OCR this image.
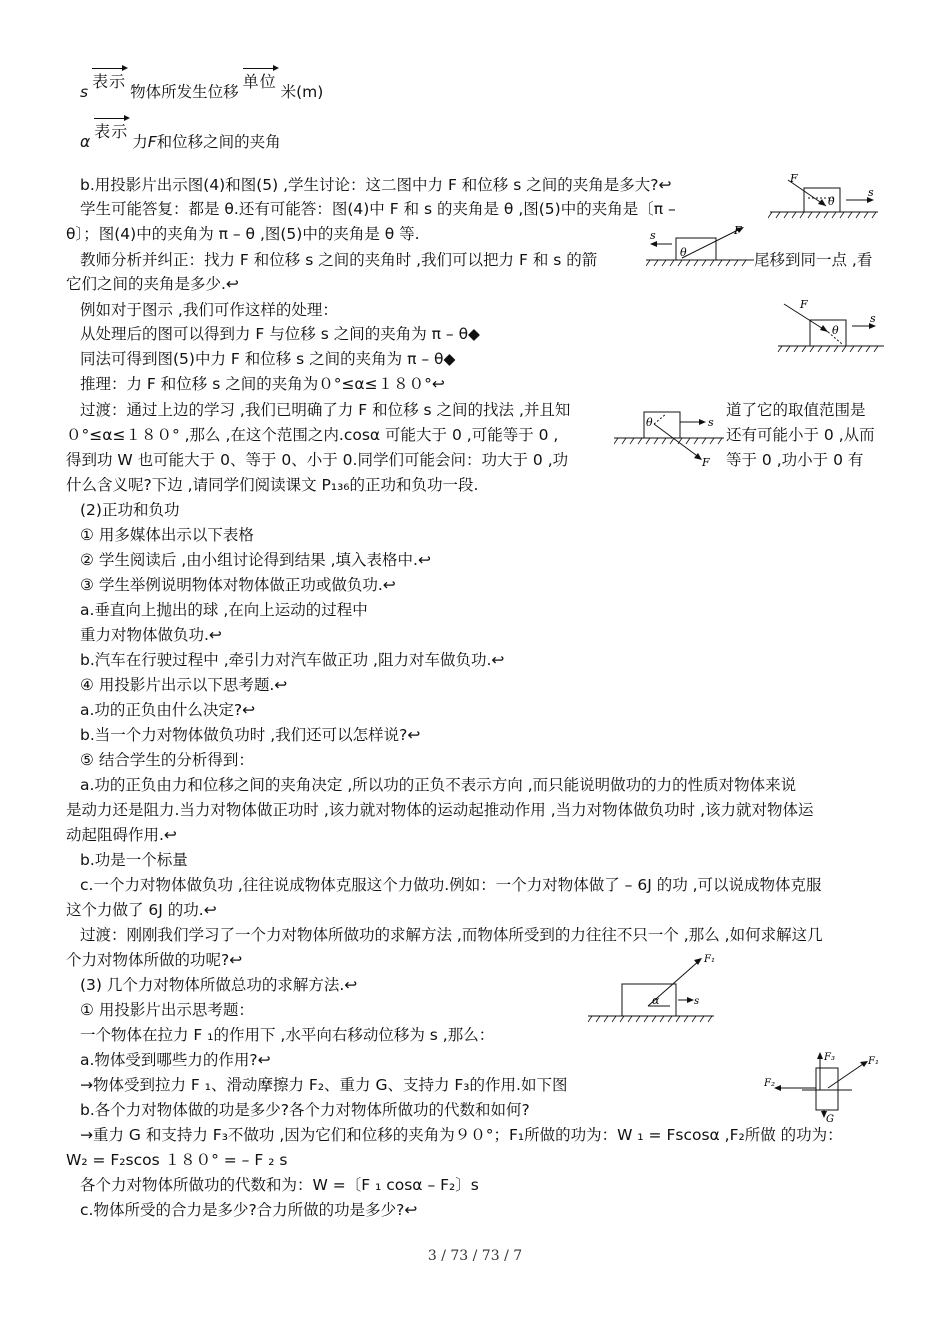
s表示物体所发生位移单位米(m)
α表示力F和位移之间的夹角
b.用投影片出示图(4)和图(5) ,学生讨论：这二图中力 F 和位移 s 之间的夹角是多大?↩
学生可能答复：都是 θ.还有可能答：图(4)中 F 和 s 的夹角是 θ ,图(5)中的夹角是〔π –
θ〕；图(4)中的夹角为 π – θ ,图(5)中的夹角是 θ 等.
教师分析并纠正：找力 F 和位移 s 之间的夹角时 ,我们可以把力 F 和 s 的箭	尾移到同一点 ,看
它们之间的夹角是多少.↩
例如对于图示 ,我们可作这样的处理：
从处理后的图可以得到力 F 与位移 s 之间的夹角为 π – θ◆
同法可得到图(5)中力 F 和位移 s 之间的夹角为 π – θ◆
推理：力 F 和位移 s 之间的夹角为０°≤α≤１８０°↩
过渡：通过上边的学习 ,我们已明确了力 F 和位移 s 之间的找法 ,并且知	道了它的取值范围是
０°≤α≤１８０° ,那么 ,在这个范围之内.cosα 可能大于 0 ,可能等于 0 ,	还有可能小于 0 ,从而
得到功 W 也可能大于 0、等于 0、小于 0.同学们可能会问：功大于 0 ,功	等于 0 ,功小于 0 有
什么含义呢?下边 ,请同学们阅读课文 P₁₃₆的正功和负功一段.
(2)正功和负功
① 用多媒体出示以下表格
② 学生阅读后 ,由小组讨论得到结果 ,填入表格中.↩
③ 学生举例说明物体对物体做正功或做负功.↩
a.垂直向上抛出的球 ,在向上运动的过程中
重力对物体做负功.↩
b.汽车在行驶过程中 ,牵引力对汽车做正功 ,阻力对车做负功.↩
④ 用投影片出示以下思考题.↩
a.功的正负由什么决定?↩
b.当一个力对物体做负功时 ,我们还可以怎样说?↩
⑤ 结合学生的分析得到：
a.功的正负由力和位移之间的夹角决定 ,所以功的正负不表示方向 ,而只能说明做功的力的性质对物体来说
是动力还是阻力.当力对物体做正功时 ,该力就对物体的运动起推动作用 ,当力对物体做负功时 ,该力就对物体运
动起阻碍作用.↩
b.功是一个标量
c.一个力对物体做负功 ,往往说成物体克服这个力做功.例如：一个力对物体做了 – 6J 的功 ,可以说成物体克服
这个力做了 6J 的功.↩
过渡：刚刚我们学习了一个力对物体所做功的求解方法 ,而物体所受到的力往往不只一个 ,那么 ,如何求解这几
个力对物体所做的功呢?↩
(3) 几个力对物体所做总功的求解方法.↩
① 用投影片出示思考题：
一个物体在拉力 F ₁的作用下 ,水平向右移动位移为 s ,那么：
a.物体受到哪些力的作用?↩
→物体受到拉力 F ₁、滑动摩擦力 F₂、重力 G、支持力 F₃的作用.如下图
b.各个力对物体做的功是多少?各个力对物体所做功的代数和如何?
→重力 G 和支持力 F₃不做功 ,因为它们和位移的夹角为９０°；F₁所做的功为：W ₁ = Fscosα ,F₂所做 的功为：
W₂ = F₂scos １８０° = – F ₂ s
各个力对物体所做功的代数和为：W =〔F ₁ cosα – F₂〕s
c.物体所受的合力是多少?合力所做的功是多少?↩
F
s
θ
s	F
θ
F
s
θ
s
F
θ
F₁
s
α
F₃	F₁
F₂
G
3 / 73 / 73 / 7
